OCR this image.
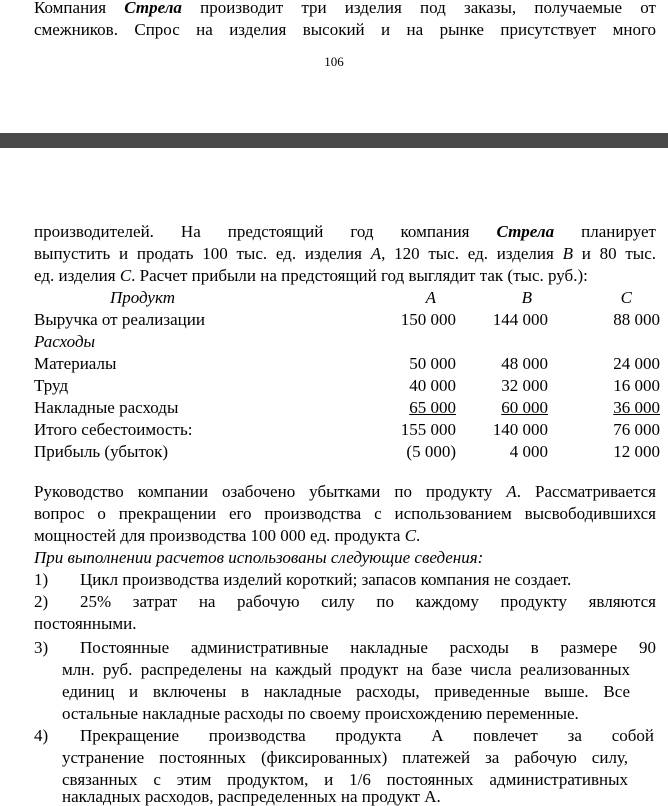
Компания Стрела производит три изделия под заказы, получаемые от
смежников. Спрос на изделия высокий и на рынке присутствует много
106
производителей. На предстоящий год компания Стрела планирует
выпустить и продать 100 тыс. ед. изделия А, 120 тыс. ед. изделия В и 80 тыс.
ед. изделия С. Расчет прибыли на предстоящий год выглядит так (тыс. руб.):
Продукт	А	В	С
Выручка от реализации	150 000	144 000	88 000
Расходы			
Материалы	50 000	48 000	24 000
Труд	40 000	32 000	16 000
Накладные расходы	65 000	60 000	36 000
Итого себестоимость:	155 000	140 000	76 000
Прибыль (убыток)	(5 000)	4 000	12 000
Руководство компании озабочено убытками по продукту А. Рассматривается
вопрос о прекращении его производства с использованием высвободившихся
мощностей для производства 100 000 ед. продукта С.
При выполнении расчетов использованы следующие сведения:
1) Цикл производства изделий короткий; запасов компания не создает.
2) 25% затрат на рабочую силу по каждому продукту являются
постоянными.
3) Постоянные административные накладные расходы в размере 90
млн. руб. распределены на каждый продукт на базе числа реализованных
единиц и включены в накладные расходы, приведенные выше. Все
остальные накладные расходы по своему происхождению переменные.
4) Прекращение производства продукта А повлечет за собой
устранение постоянных (фиксированных) платежей за рабочую силу,
связанных с этим продуктом, и 1/6 постоянных административных
накладных расходов, распределенных на продукт А.
